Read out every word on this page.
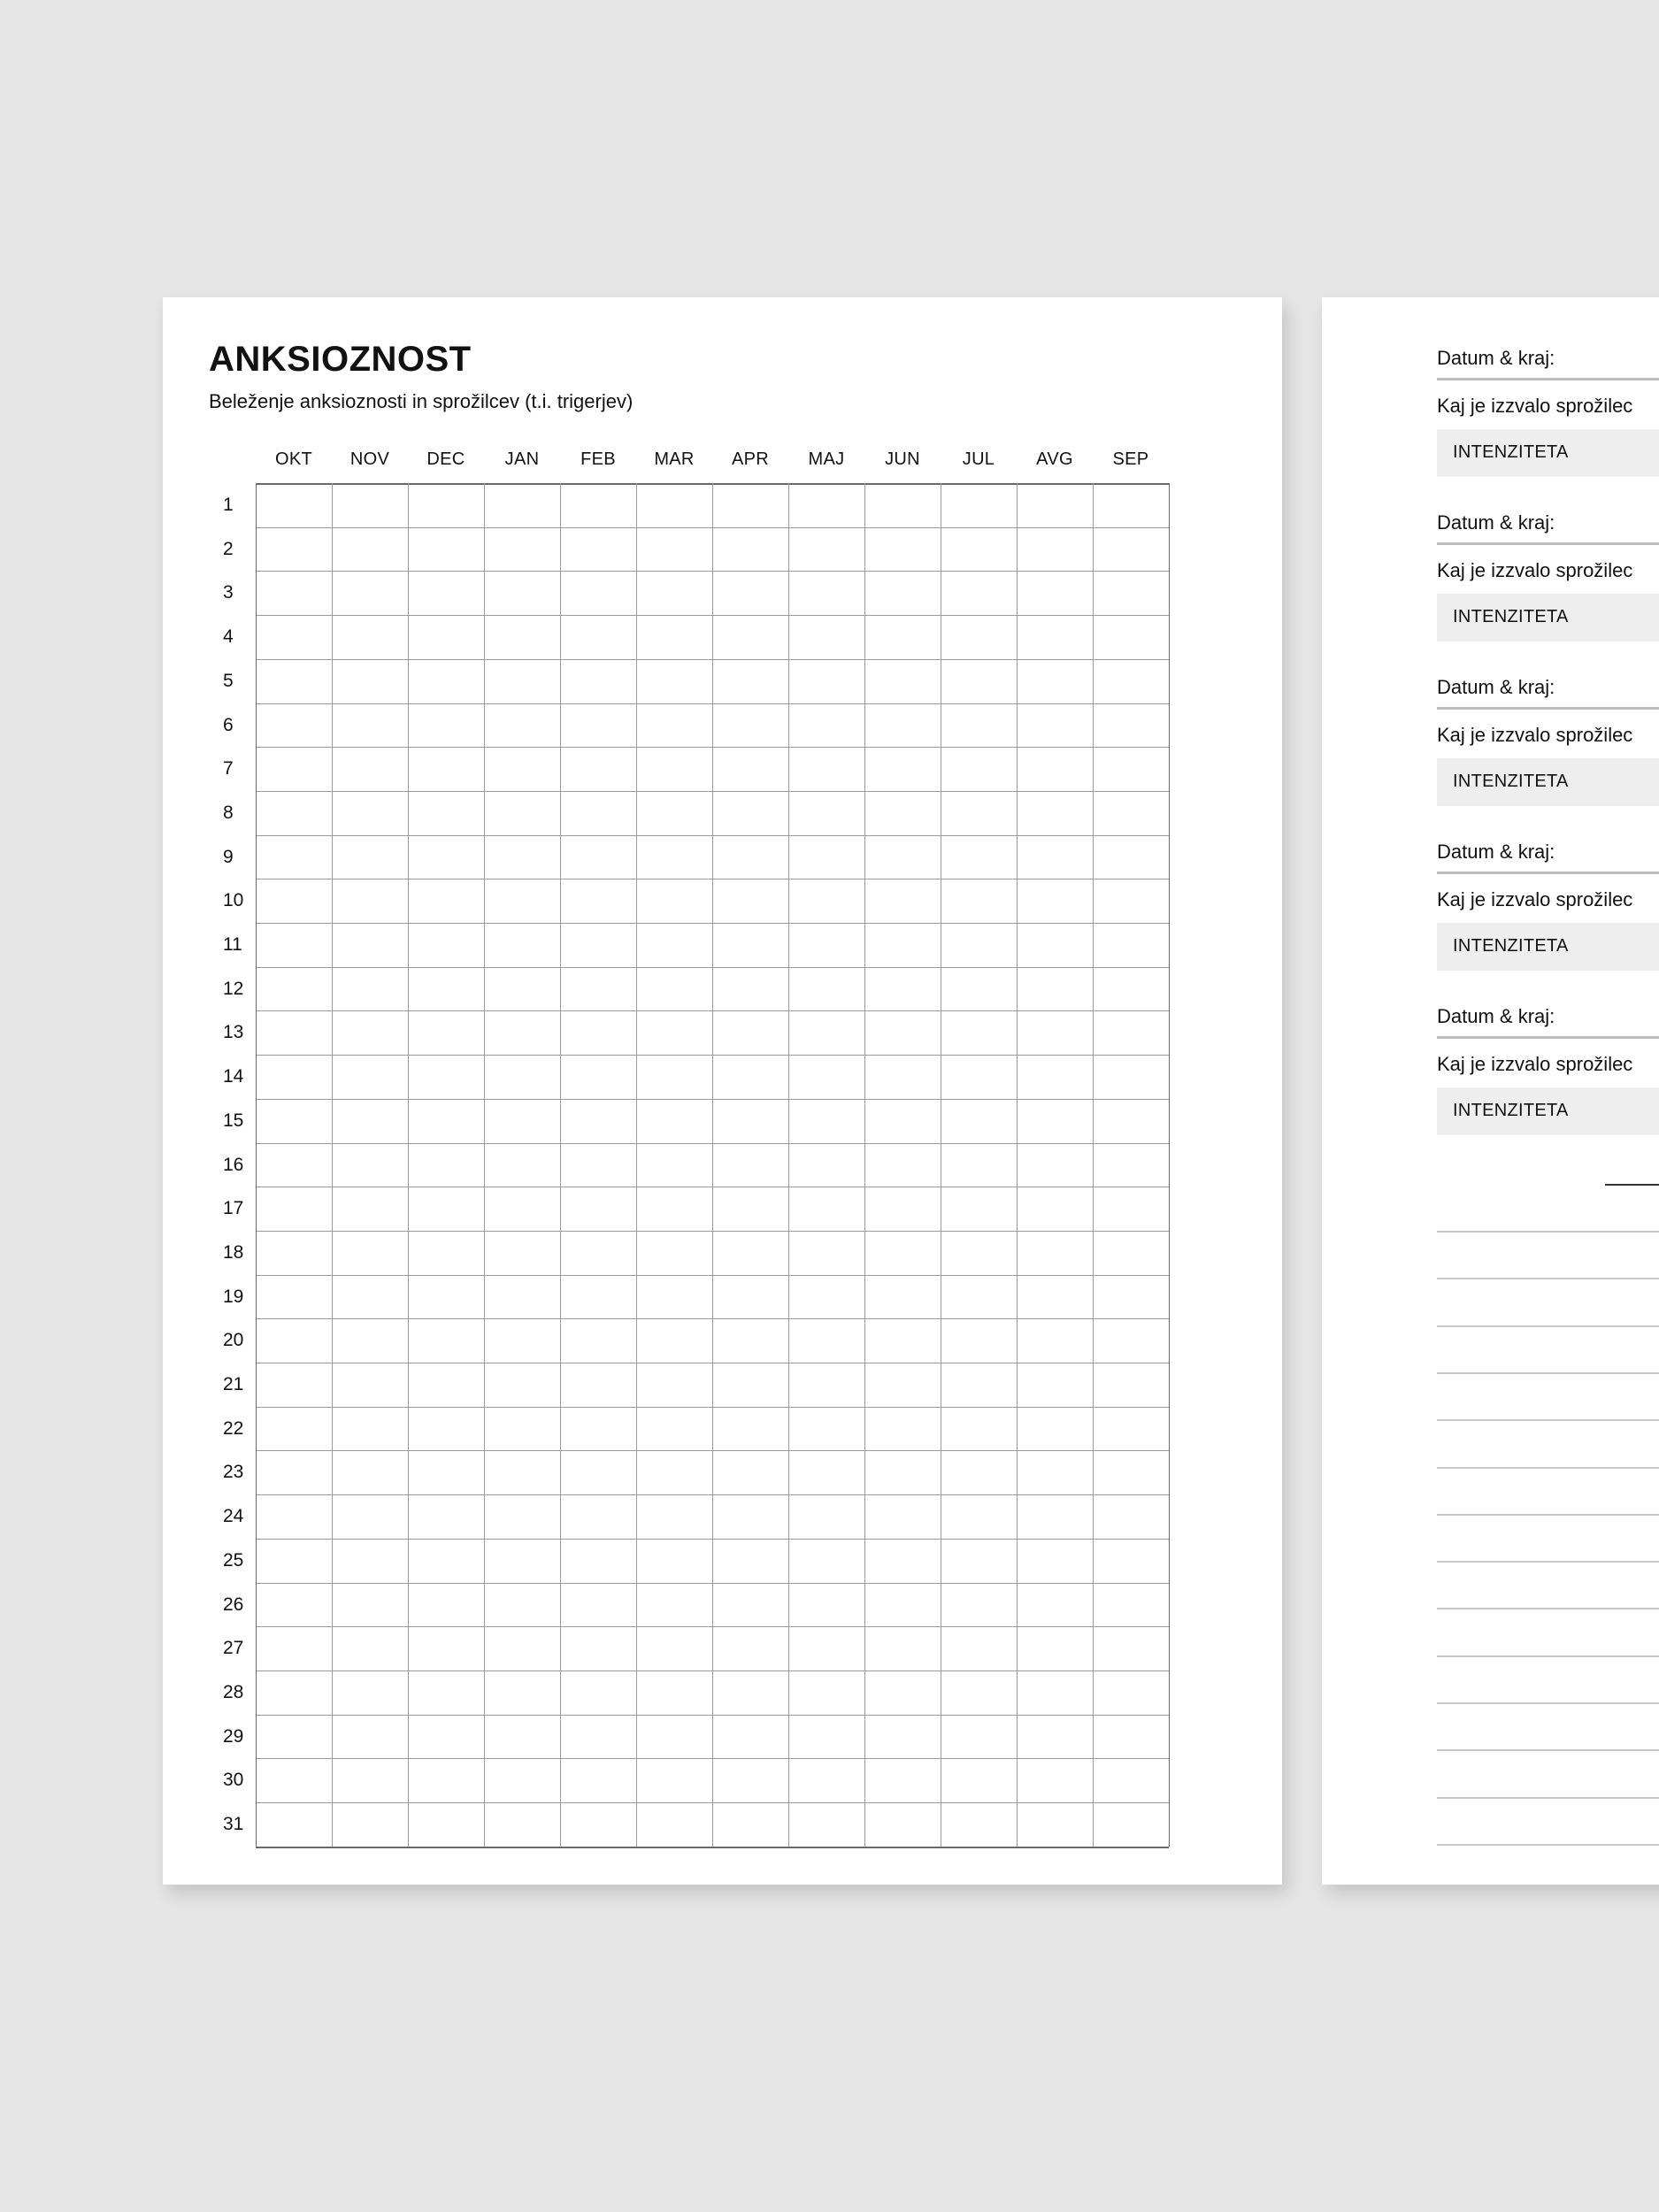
ANKSIOZNOST

Beleženje anksioznosti in sprožilcev (t.i. trigerjev)

OKT	NOV	DEC	JAN	FEB	MAR	APR	MAJ	JUN	JUL	AVG	SEP
1
2
3
4
5
6
7
8
9
10
11
12
13
14
15
16
17
18
19
20
21
22
23
24
25
26
27
28
29
30
31
Datum & kraj:
Kaj je izzvalo sprožilec
INTENZITETA
Datum & kraj:
Kaj je izzvalo sprožilec
INTENZITETA
Datum & kraj:
Kaj je izzvalo sprožilec
INTENZITETA
Datum & kraj:
Kaj je izzvalo sprožilec
INTENZITETA
Datum & kraj:
Kaj je izzvalo sprožilec
INTENZITETA
